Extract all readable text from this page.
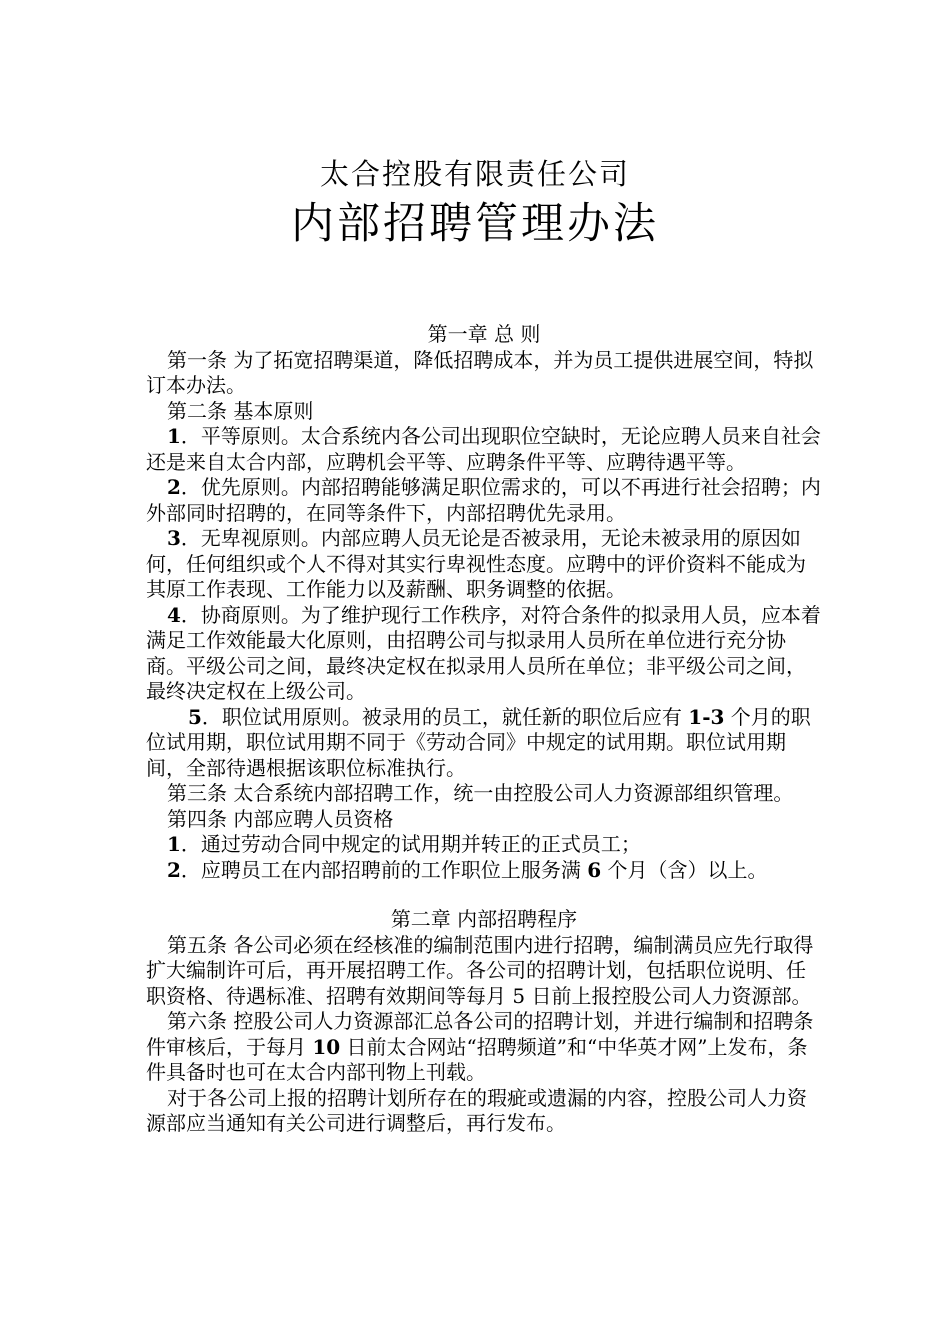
太合控股有限责任公司
内部招聘管理办法

第一章 总 则

第一条 为了拓宽招聘渠道，降低招聘成本，并为员工提供进展空间，特拟订本办法。

第二条 基本原则

1．平等原则。太合系统内各公司出现职位空缺时，无论应聘人员来自社会还是来自太合内部，应聘机会平等、应聘条件平等、应聘待遇平等。

2．优先原则。内部招聘能够满足职位需求的，可以不再进行社会招聘；内外部同时招聘的，在同等条件下，内部招聘优先录用。

3．无卑视原则。内部应聘人员无论是否被录用，无论未被录用的原因如何，任何组织或个人不得对其实行卑视性态度。应聘中的评价资料不能成为其原工作表现、工作能力以及薪酬、职务调整的依据。

4．协商原则。为了维护现行工作秩序，对符合条件的拟录用人员，应本着满足工作效能最大化原则，由招聘公司与拟录用人员所在单位进行充分协商。平级公司之间，最终决定权在拟录用人员所在单位；非平级公司之间，最终决定权在上级公司。

5．职位试用原则。被录用的员工，就任新的职位后应有 1-3 个月的职位试用期，职位试用期不同于《劳动合同》中规定的试用期。职位试用期间，全部待遇根据该职位标准执行。

第三条 太合系统内部招聘工作，统一由控股公司人力资源部组织管理。

第四条 内部应聘人员资格

1．通过劳动合同中规定的试用期并转正的正式员工；

2．应聘员工在内部招聘前的工作职位上服务满 6 个月（含）以上。

第二章 内部招聘程序

第五条 各公司必须在经核准的编制范围内进行招聘，编制满员应先行取得扩大编制许可后，再开展招聘工作。各公司的招聘计划，包括职位说明、任职资格、待遇标准、招聘有效期间等每月 5 日前上报控股公司人力资源部。

第六条 控股公司人力资源部汇总各公司的招聘计划，并进行编制和招聘条件审核后，于每月 10 日前太合网站“招聘频道”和“中华英才网”上发布，条件具备时也可在太合内部刊物上刊载。

对于各公司上报的招聘计划所存在的瑕疵或遗漏的内容，控股公司人力资源部应当通知有关公司进行调整后，再行发布。
